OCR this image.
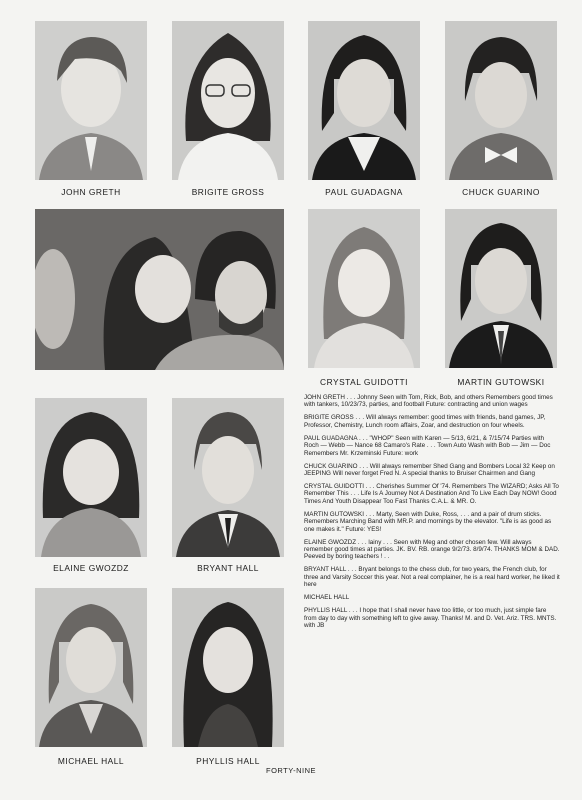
JOHN GRETH	BRIGITE GROSS	PAUL GUADAGNA	CHUCK GUARINO
CRYSTAL GUIDOTTI	MARTIN GUTOWSKI
ELAINE GWOZDZ	BRYANT HALL
MICHAEL HALL	PHYLLIS HALL

JOHN GRETH . . . Johnny Seen with Tom, Rick, Bob, and others Remembers good times with tankers, 10/23/73, parties, and football Future: contracting and union wages

BRIGITE GROSS . . . Will always remember: good times with friends, band games, JP, Professor, Chemistry, Lunch room affairs, Zoar, and destruction on four wheels.

PAUL GUADAGNA . . . "WHOP" Seen with Karen — 5/13, 6/21, & 7/15/74 Parties with Roch — Webb — Nance 68 Camaro's Rate . . . Town Auto Wash with Bob — Jim — Doc Remembers Mr. Krzeminski Future: work

CHUCK GUARINO . . . Will always remember Shed Gang and Bombers Local 32 Keep on JEEPING Will never forget Fred N. A special thanks to Bruiser Chairmen and Gang

CRYSTAL GUIDOTTI . . . Cherishes Summer Of '74. Remembers The WIZARD; Asks All To Remember This . . . Life Is A Journey Not A Destination And To Live Each Day NOW! Good Times And Youth Disappear Too Fast Thanks C.A.L. & MR. O.

MARTIN GUTOWSKI . . . Marty, Seen with Duke, Ross, . . . and a pair of drum sticks. Remembers Marching Band with MR.P. and mornings by the elevator. "Life is as good as one makes it." Future: YES!

ELAINE GWOZDZ . . . lainy . . . Seen with Meg and other chosen few. Will always remember good times at parties. JK. BV. RB. orange 9/2/73. 8/9/74. THANKS MOM & DAD. Peeved by boring teachers ! . .

BRYANT HALL . . . Bryant belongs to the chess club, for two years, the French club, for three and Varsity Soccer this year. Not a real complainer, he is a real hard worker, he liked it here

MICHAEL HALL

PHYLLIS HALL . . . I hope that I shall never have too little, or too much, just simple fare from day to day with something left to give away. Thanks! M. and D. Vet. Ariz. TRS. MNTS. with JB

FORTY-NINE
